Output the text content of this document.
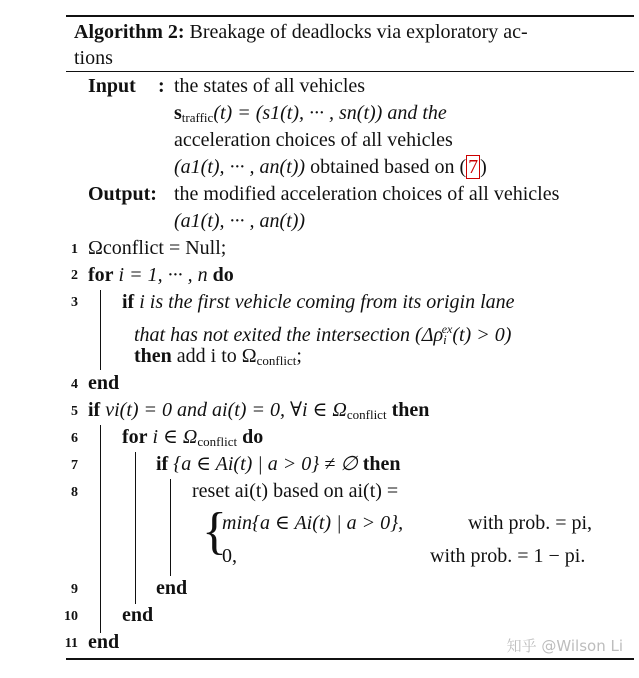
Algorithm 2: Breakage of deadlocks via exploratory ac-
tions
Input : the states of all vehicles
$s_{traffic}(t) = (s1(t)$, ··· , sn(t)) and the
acceleration choices of all vehicles
(a1(t), ··· , an(t)) obtained based on ( 7 )
Output: the modified acceleration choices of all vehicles
(a1(t), ··· , an(t))
1 Ωconflict = Null;
2 for i = 1, ··· , n do
3 if i is the first vehicle coming from its origin lane
that has not exited the intersection $(\Delta\rho_i^{ex}(t) > 0)$
then add i to $\Omega_{conflict}$;
4 end
5 if vi(t) = 0 and ai(t) = 0, ∀i ∈ $\Omega_{conflict}$ then
6 for i ∈ $\Omega_{conflict}$ do
7	if {a ∈ Ai(t) | a > 0} ≠ ∅ then
8	reset ai(t) based on ai(t) =
{
min{a ∈ Ai(t) | a > 0},	with prob. = pi,
0,	with prob. = 1 − pi.
9	end
10 end
11 end	知乎 @Wilson Li
